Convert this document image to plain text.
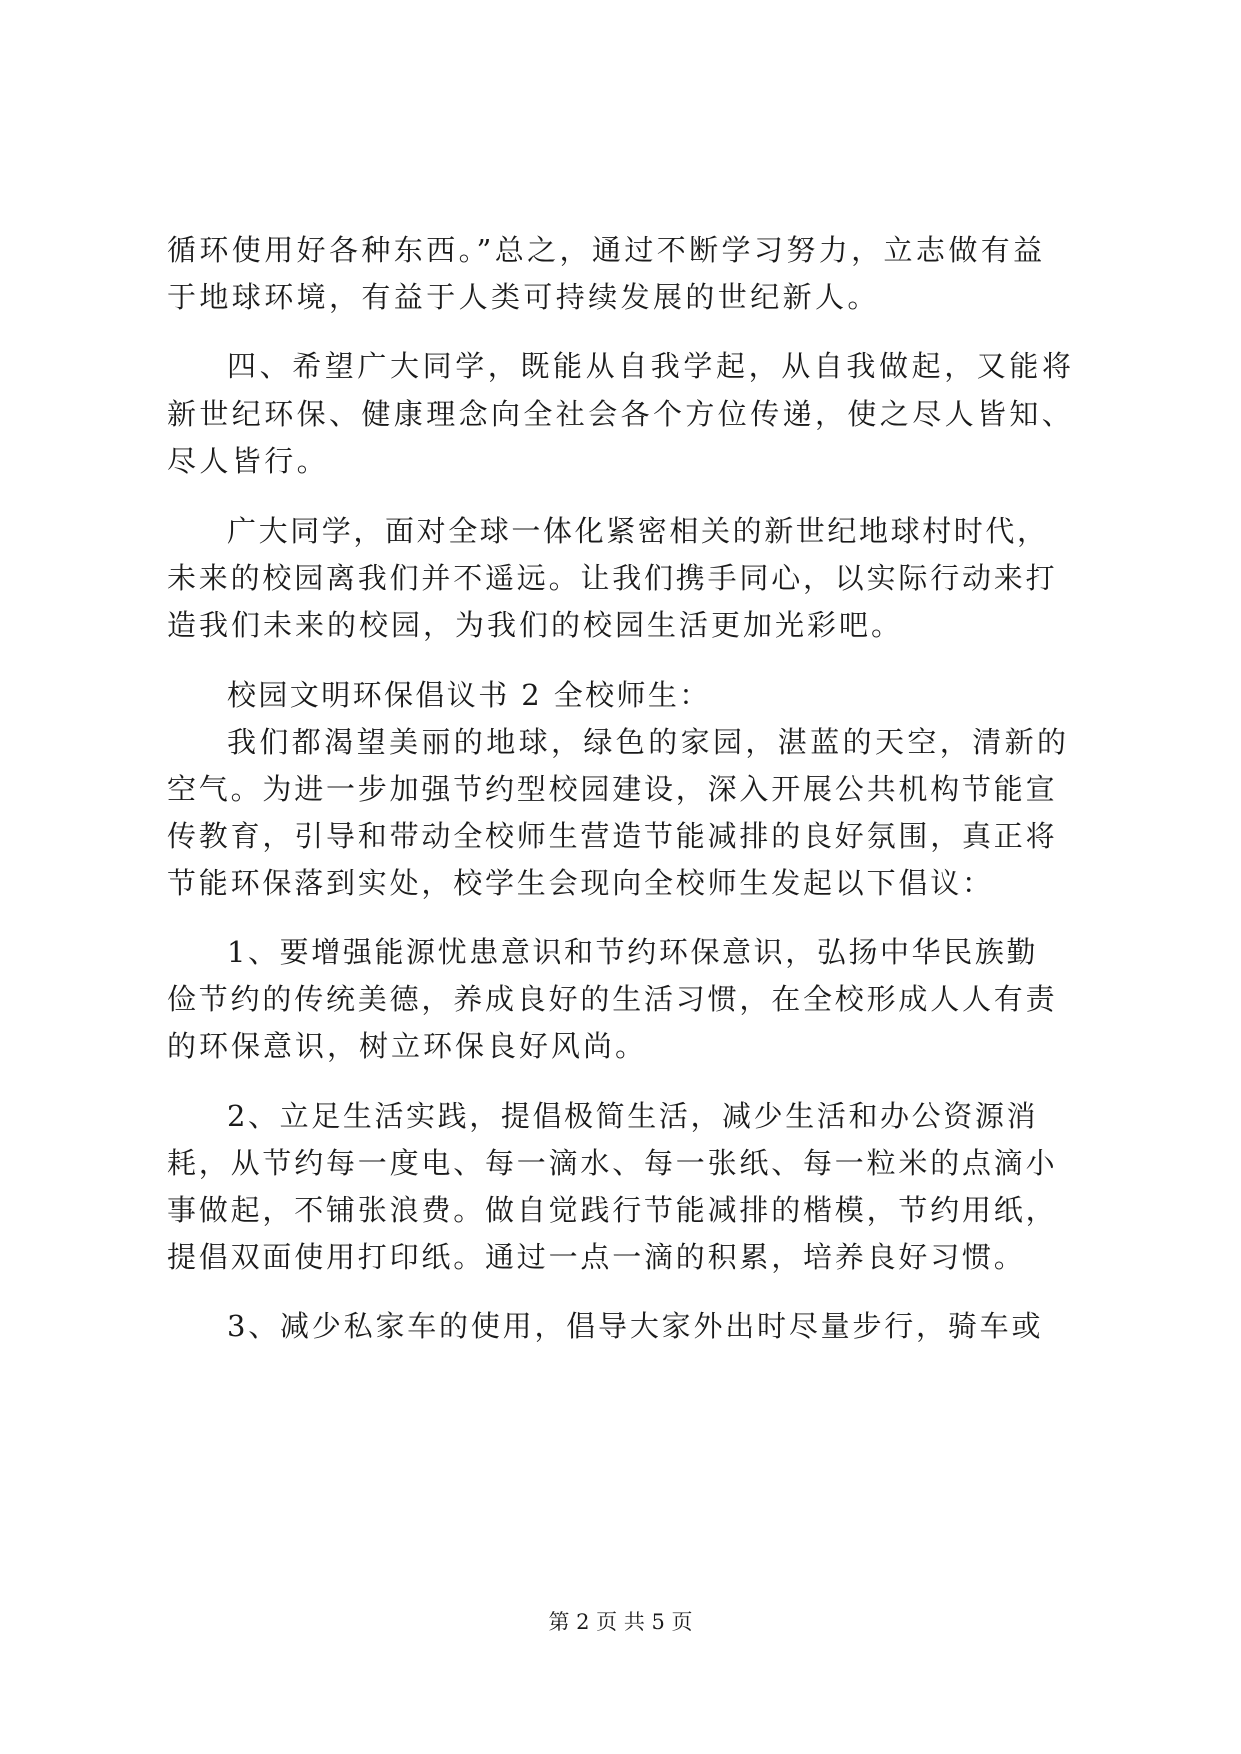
循环使用好各种东西。”总之，通过不断学习努力，立志做有益
于地球环境，有益于人类可持续发展的世纪新人。
四、希望广大同学，既能从自我学起，从自我做起，又能将
新世纪环保、健康理念向全社会各个方位传递，使之尽人皆知、
尽人皆行。
广大同学，面对全球一体化紧密相关的新世纪地球村时代，
未来的校园离我们并不遥远。让我们携手同心，以实际行动来打
造我们未来的校园，为我们的校园生活更加光彩吧。
校园文明环保倡议书 2 全校师生：
我们都渴望美丽的地球，绿色的家园，湛蓝的天空，清新的
空气。为进一步加强节约型校园建设，深入开展公共机构节能宣
传教育，引导和带动全校师生营造节能减排的良好氛围，真正将
节能环保落到实处，校学生会现向全校师生发起以下倡议：
1、要增强能源忧患意识和节约环保意识，弘扬中华民族勤
俭节约的传统美德，养成良好的生活习惯，在全校形成人人有责
的环保意识，树立环保良好风尚。
2、立足生活实践，提倡极简生活，减少生活和办公资源消
耗，从节约每一度电、每一滴水、每一张纸、每一粒米的点滴小
事做起，不铺张浪费。做自觉践行节能减排的楷模，节约用纸，
提倡双面使用打印纸。通过一点一滴的积累，培养良好习惯。
3、减少私家车的使用，倡导大家外出时尽量步行，骑车或
第 2 页 共 5 页
